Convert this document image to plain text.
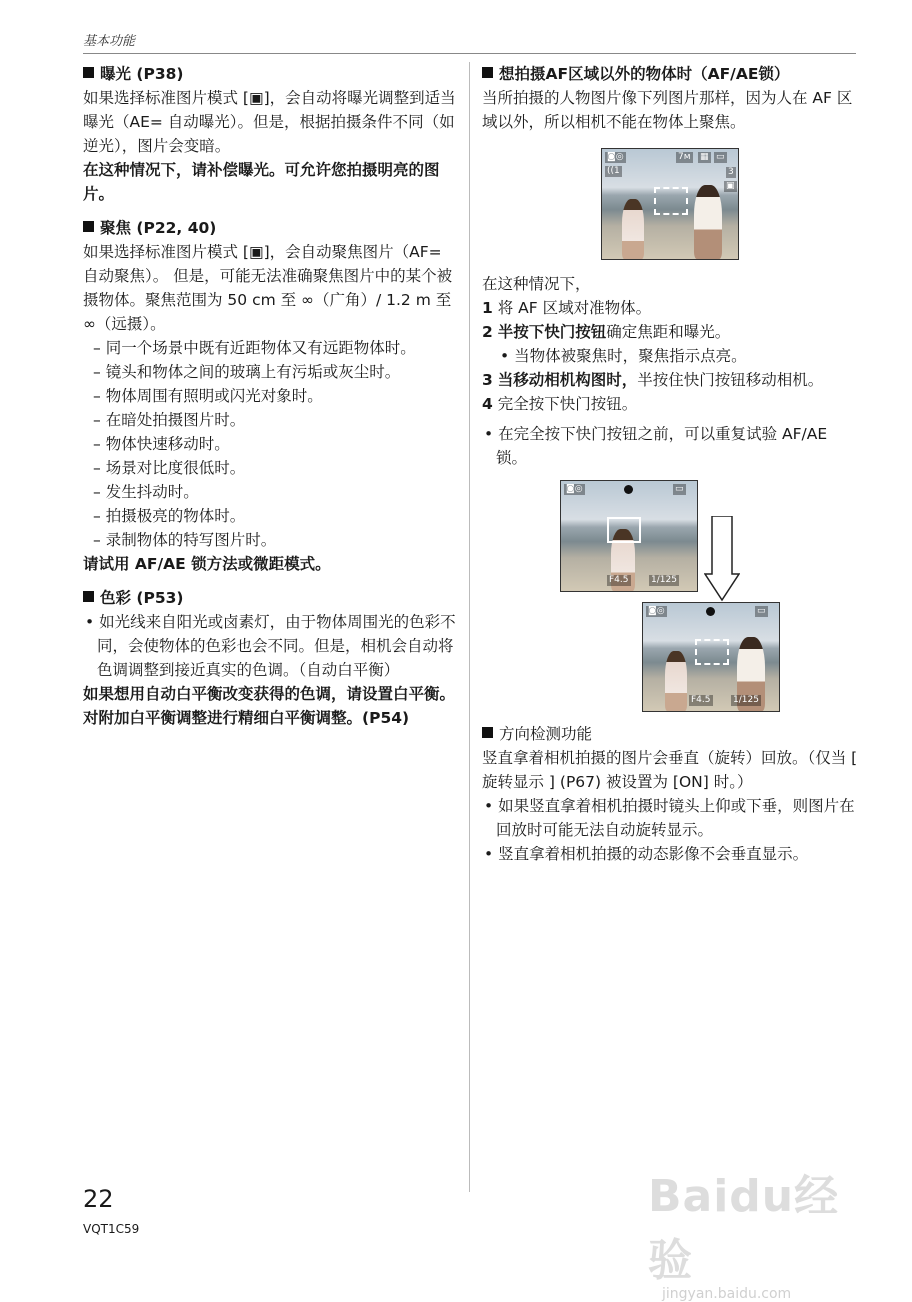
基本功能
曝光 (P38)

如果选择标准图片模式 [▣]，会自动将曝光调整到适当曝光（AE= 自动曝光）。但是，根据拍摄条件不同（如逆光），图片会变暗。

在这种情况下，请补偿曝光。可允许您拍摄明亮的图片。

聚焦 (P22, 40)

如果选择标准图片模式 [▣]，会自动聚焦图片（AF= 自动聚焦）。 但是，可能无法准确聚焦图片中的某个被摄物体。聚焦范围为 50 cm 至 ∞（广角）/ 1.2 m 至 ∞（远摄）。

– 同一个场景中既有近距物体又有远距物体时。

– 镜头和物体之间的玻璃上有污垢或灰尘时。

– 物体周围有照明或闪光对象时。

– 在暗处拍摄图片时。

– 物体快速移动时。

– 场景对比度很低时。

– 发生抖动时。

– 拍摄极亮的物体时。

– 录制物体的特写图片时。

请试用 AF/AE 锁方法或微距模式。

色彩 (P53)

• 如光线来自阳光或卤素灯，由于物体周围光的色彩不同，会使物体的色彩也会不同。但是，相机会自动将色调调整到接近真实的色调。（自动白平衡）

如果想用自动白平衡改变获得的色调，请设置白平衡。

对附加白平衡调整进行精细白平衡调整。(P54)

想拍摄AF区域以外的物体时（AF/AE锁）

当所拍摄的人物图片像下列图片那样，因为人在 AF 区域以外，所以相机不能在物体上聚焦。

◙◎
((1
7ᴍ ▦ ▭
3
▣

在这种情况下，

1 将 AF 区域对准物体。

2 半按下快门按钮确定焦距和曝光。

• 当物体被聚焦时，聚焦指示点亮。

3 当移动相机构图时，半按住快门按钮移动相机。

4 完全按下快门按钮。

• 在完全按下快门按钮之前，可以重复试验 AF/AE 锁。

◙◎	▭
F4.5	1/125
◙◎	▭
F4.5	1/125
方向检测功能

竖直拿着相机拍摄的图片会垂直（旋转）回放。（仅当 [ 旋转显示 ] (P67) 被设置为 [ON] 时。）

• 如果竖直拿着相机拍摄时镜头上仰或下垂，则图片在回放时可能无法自动旋转显示。

• 竖直拿着相机拍摄的动态影像不会垂直显示。

22
VQT1C59
Baidu经验
jingyan.baidu.com
